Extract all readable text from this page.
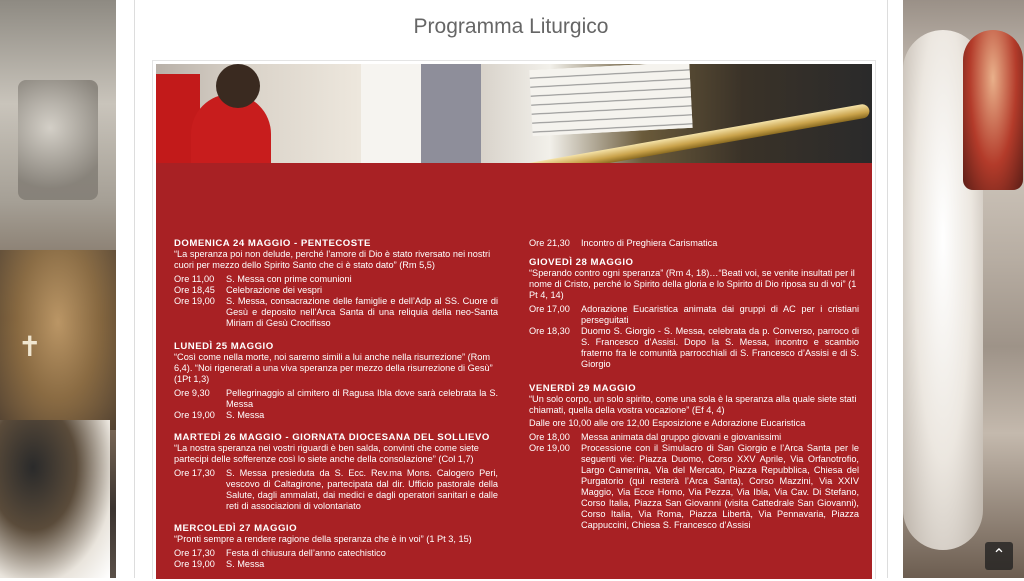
✝
Programma Liturgico

DOMENICA 24 MAGGIO - PENTECOSTE

“La speranza poi non delude, perché l’amore di Dio è stato riversato nei nostri cuori per mezzo dello Spirito Santo che ci è stato dato” (Rm 5,5)

Ore 11,00	S. Messa con prime comunioni
Ore 18,45	Celebrazione dei vespri
Ore 19,00	S. Messa, consacrazione delle famiglie e dell’Adp al SS. Cuore di Gesù e deposito nell’Arca Santa di una reliquia della neo-Santa Miriam di Gesù Crocifisso

LUNEDÌ 25 MAGGIO

“Così come nella morte, noi saremo simili a lui anche nella risurrezione” (Rom 6,4). “Noi rigenerati a una viva speranza per mezzo della risurrezione di Gesù” (1Pt 1,3)

Ore 9,30	Pellegrinaggio al cimitero di Ragusa Ibla dove sarà celebrata la S. Messa
Ore 19,00	S. Messa

MARTEDÌ 26 MAGGIO - GIORNATA DIOCESANA DEL SOLLIEVO

“La nostra speranza nei vostri riguardi è ben salda, convinti che come siete partecipi delle sofferenze così lo siete anche della consolazione” (Col 1,7)

Ore 17,30	S. Messa presieduta da S. Ecc. Rev.ma Mons. Calogero Peri, vescovo di Caltagirone, partecipata dal dir. Ufficio pastorale della Salute, dagli ammalati, dai medici e dagli operatori sanitari e dalle reti di associazioni di volontariato

MERCOLEDÌ 27 MAGGIO

“Pronti sempre a rendere ragione della speranza che è in voi” (1 Pt 3, 15)

Ore 17,30	Festa di chiusura dell’anno catechistico
Ore 19,00	S. Messa
Ore 21,30	Incontro di Preghiera Carismatica

GIOVEDÌ 28 MAGGIO

“Sperando contro ogni speranza” (Rm 4, 18)…“Beati voi, se venite insultati per il nome di Cristo, perché lo Spirito della gloria e lo Spirito di Dio riposa su di voi” (1 Pt 4, 14)

Ore 17,00	Adorazione Eucaristica animata dai gruppi di AC per i cristiani perseguitati
Ore 18,30	Duomo S. Giorgio - S. Messa, celebrata da p. Converso, parroco di S. Francesco d’Assisi. Dopo la S. Messa, incontro e scambio fraterno fra le comunità parrocchiali di S. Francesco d’Assisi e di S. Giorgio

VENERDÌ 29 MAGGIO

“Un solo corpo, un solo spirito, come una sola è la speranza alla quale siete stati chiamati, quella della vostra vocazione” (Ef 4, 4)

Dalle ore 10,00 alle ore 12,00 Esposizione e Adorazione Eucaristica

Ore 18,00	Messa animata dal gruppo giovani e giovanissimi
Ore 19,00	Processione con il Simulacro di San Giorgio e l’Arca Santa per le seguenti vie: Piazza Duomo, Corso XXV Aprile, Via Orfanotrofio, Largo Camerina, Via del Mercato, Piazza Repubblica, Chiesa del Purgatorio (qui resterà l’Arca Santa), Corso Mazzini, Via XXIV Maggio, Via Ecce Homo, Via Pezza, Via Ibla, Via Cav. Di Stefano, Corso Italia, Piazza San Giovanni (visita Cattedrale San Giovanni), Corso Italia, Via Roma, Piazza Libertà, Via Pennavaria, Piazza Cappuccini, Chiesa S. Francesco d’Assisi
⌃
